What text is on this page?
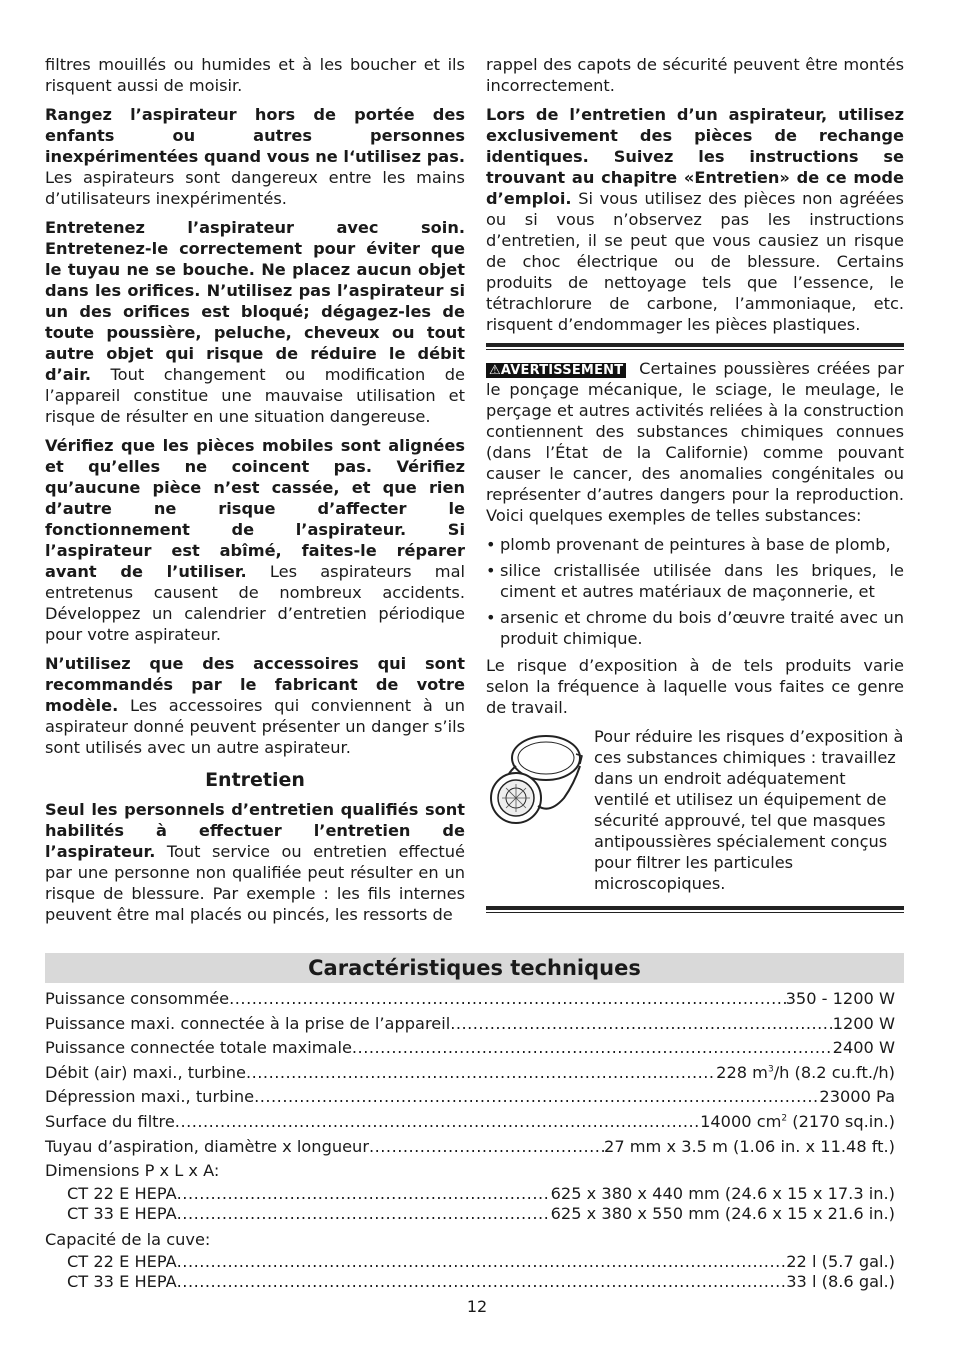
filtres mouillés ou humides et à les boucher et ils risquent aussi de moisir.

Rangez l’aspirateur hors de portée des enfants ou autres personnes inexpérimentées quand vous ne l‘utilisez pas. Les aspirateurs sont dangereux entre les mains d’utilisateurs inexpérimentés.

Entretenez l’aspirateur avec soin. Entretenez-le correctement pour éviter que le tuyau ne se bouche. Ne placez aucun objet dans les orifices. N’utilisez pas l’aspirateur si un des orifices est bloqué; dégagez-les de toute poussière, peluche, cheveux ou tout autre objet qui risque de réduire le débit d’air. Tout changement ou modification de l’appareil constitue une mauvaise utilisation et risque de résulter en une situation dangereuse.

Vérifiez que les pièces mobiles sont alignées et qu’elles ne coincent pas. Vérifiez qu’aucune pièce n’est cassée, et que rien d’autre ne risque d’affecter le fonctionnement de l’aspirateur. Si l’aspirateur est abîmé, faites-le réparer avant de l’utiliser. Les aspirateurs mal entretenus causent de nombreux accidents. Développez un calendrier d’entretien périodique pour votre aspirateur.

N’utilisez que des accessoires qui sont recommandés par le fabricant de votre modèle. Les accessoires qui conviennent à un aspirateur donné peuvent présenter un danger s’ils sont utilisés avec un autre aspirateur.

Entretien

Seul les personnels d’entretien qualifiés sont habilités à effectuer l’entretien de l’aspirateur. Tout service ou entretien effectué par une personne non qualifiée peut résulter en un risque de blessure. Par exemple : les fils internes peuvent être mal placés ou pincés, les ressorts de

rappel des capots de sécurité peuvent être montés incorrectement.

Lors de l’entretien d’un aspirateur, utilisez exclusivement des pièces de rechange identiques. Suivez les instructions se trouvant au chapitre «Entretien» de ce mode d’emploi. Si vous utilisez des pièces non agréées ou si vous n’observez pas les instructions d’entretien, il se peut que vous causiez un risque de choc électrique ou de blessure. Certains produits de nettoyage tels que l’essence, le tétrachlorure de carbone, l’ammoniaque, etc. risquent d’endommager les pièces plastiques.

⚠AVERTISSEMENT Certaines poussières créées par le ponçage mécanique, le sciage, le meulage, le perçage et autres activités reliées à la construction contiennent des substances chimiques connues (dans l’État de la Californie) comme pouvant causer le cancer, des anomalies congénitales ou représenter d’autres dangers pour la reproduction. Voici quelques exemples de telles substances:

• plomb provenant de peintures à base de plomb,
• silice cristallisée utilisée dans les briques, le ciment et autres matériaux de maçonnerie, et
• arsenic et chrome du bois d’œuvre traité avec un produit chimique.

Le risque d’exposition à de tels produits varie selon la fréquence à laquelle vous faites ce genre de travail.

Pour réduire les risques d’exposition à ces substances chimiques : travaillez dans un endroit adéquatement ventilé et utilisez un équipement de sécurité approuvé, tel que masques antipoussières spécialement conçus pour filtrer les particules microscopiques.
Caractéristiques techniques
Puissance consommée .....	350 - 1200 W
Puissance maxi. connectée à la prise de l’appareil .....	1200 W
Puissance connectée totale maximale .....	2400 W
Débit (air) maxi., turbine .....	228 $m^3/h$ (8.2 cu.ft./h)
Dépression maxi., turbine .....	23000 Pa
Surface du filtre .....	14000 $cm^2$ (2170 sq.in.)
Tuyau d’aspiration, diamètre x longueur .....	27 mm x 3.5 m (1.06 in. x 11.48 ft.)
Dimensions P x L x A:
CT 22 E HEPA .....	625 x 380 x 440 mm (24.6 x 15 x 17.3 in.)
CT 33 E HEPA .....	625 x 380 x 550 mm (24.6 x 15 x 21.6 in.)
Capacité de la cuve:
CT 22 E HEPA .....	22 l (5.7 gal.)
CT 33 E HEPA .....	33 l (8.6 gal.)
12
